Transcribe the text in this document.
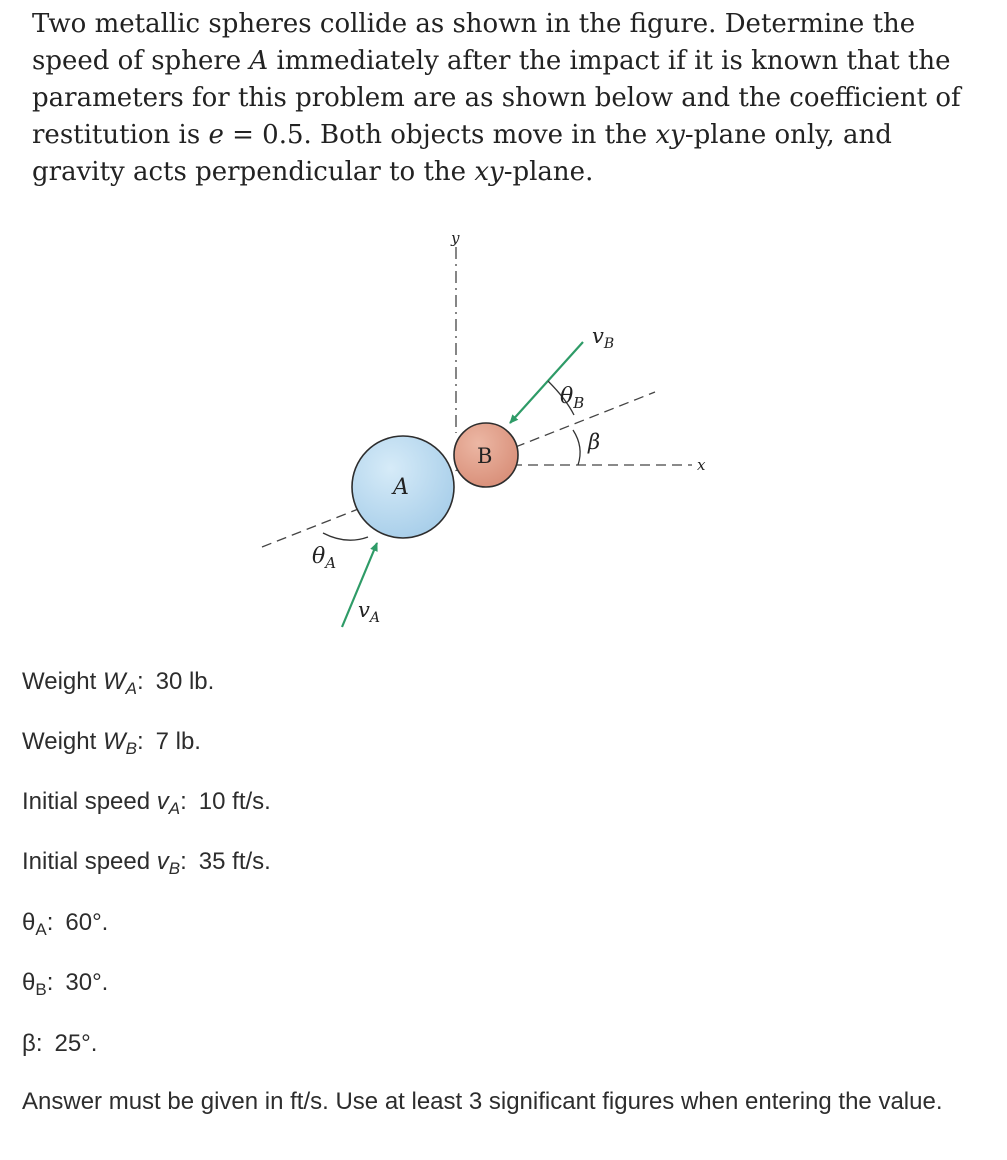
Two metallic spheres collide as shown in the figure. Determine the speed of sphere A immediately after the impact if it is known that the parameters for this problem are as shown below and the coefficient of restitution is e = 0.5. Both objects move in the xy-plane only, and gravity acts perpendicular to the xy-plane.
y
x
A
B
$\theta_A$
$v_A$
$v_B$
$\theta_B$
β
Weight $W_A$: 30 lb.
Weight $W_B$: 7 lb.
Initial speed $v_A$: 10 ft/s.
Initial speed $v_B$: 35 ft/s.
$\theta_A$: 60°.
$\theta_B$: 30°.
β: 25°.
Answer must be given in ft/s. Use at least 3 significant figures when entering the value.
